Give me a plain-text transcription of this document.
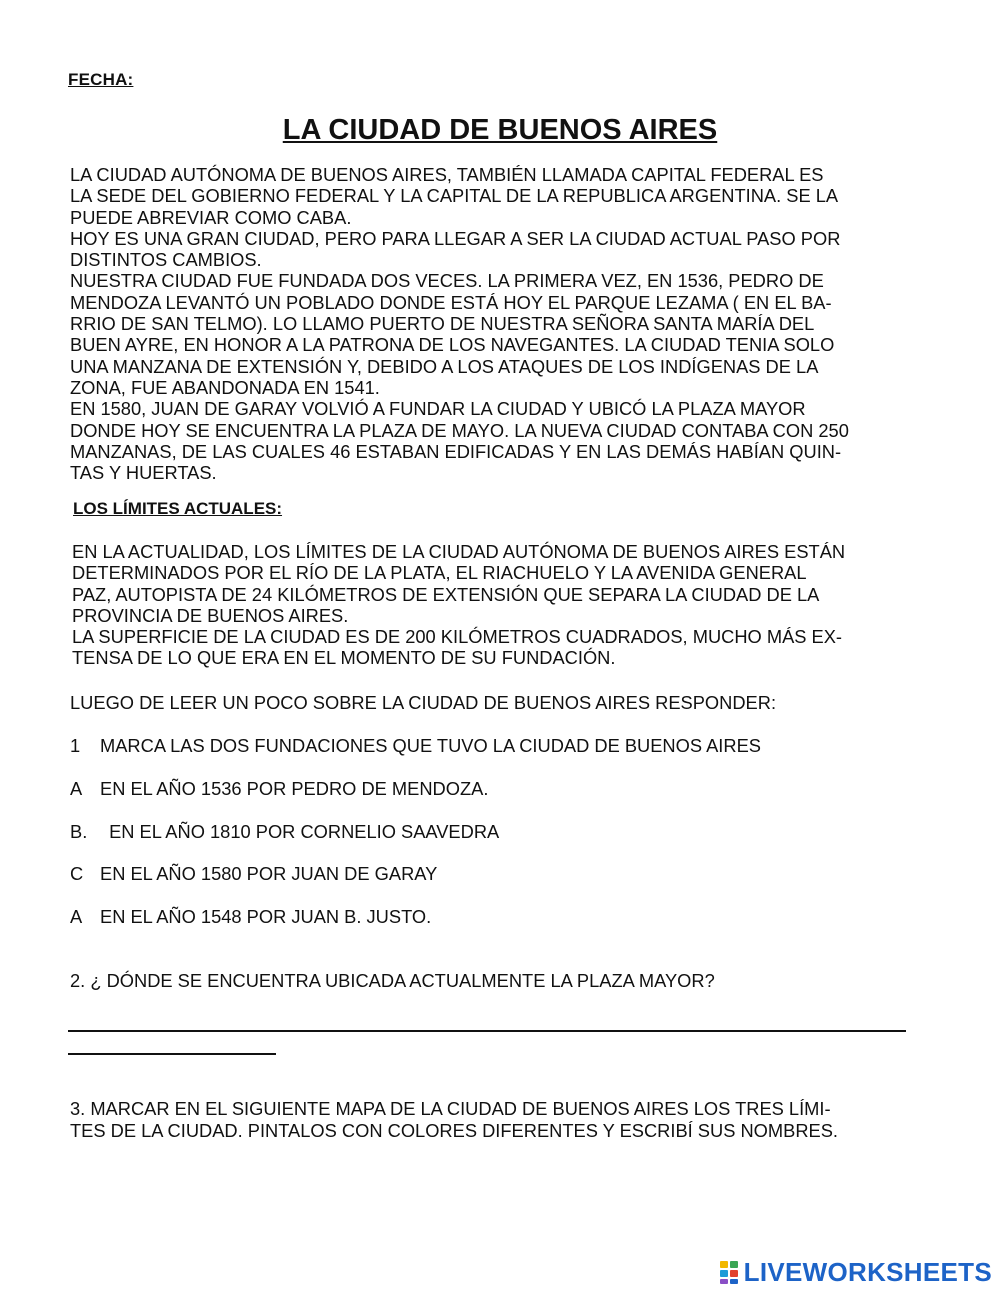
FECHA:
LA CIUDAD DE BUENOS AIRES
LA CIUDAD AUTÓNOMA DE BUENOS AIRES, TAMBIÉN LLAMADA CAPITAL FEDERAL ES
LA SEDE DEL GOBIERNO FEDERAL Y LA CAPITAL DE LA REPUBLICA ARGENTINA. SE LA
PUEDE ABREVIAR COMO CABA.
HOY ES UNA GRAN CIUDAD, PERO PARA LLEGAR A SER LA CIUDAD ACTUAL PASO POR
DISTINTOS CAMBIOS.
NUESTRA CIUDAD FUE FUNDADA DOS VECES. LA PRIMERA VEZ, EN 1536, PEDRO DE
MENDOZA LEVANTÓ UN POBLADO DONDE ESTÁ HOY EL PARQUE LEZAMA ( EN EL BA-
RRIO DE SAN TELMO). LO LLAMO PUERTO DE NUESTRA SEÑORA SANTA MARÍA DEL
BUEN AYRE, EN HONOR A LA PATRONA DE LOS NAVEGANTES. LA CIUDAD TENIA SOLO
UNA MANZANA DE EXTENSIÓN Y, DEBIDO A LOS ATAQUES DE LOS INDÍGENAS DE LA
ZONA, FUE ABANDONADA EN 1541.
EN 1580, JUAN DE GARAY VOLVIÓ A FUNDAR LA CIUDAD Y UBICÓ LA PLAZA MAYOR
DONDE HOY SE ENCUENTRA LA PLAZA DE MAYO. LA NUEVA CIUDAD CONTABA CON 250
MANZANAS, DE LAS CUALES 46 ESTABAN EDIFICADAS Y EN LAS DEMÁS HABÍAN QUIN-
TAS Y HUERTAS.
LOS LÍMITES ACTUALES:
EN LA ACTUALIDAD, LOS LÍMITES DE LA CIUDAD AUTÓNOMA DE BUENOS AIRES ESTÁN
DETERMINADOS POR EL RÍO DE LA PLATA, EL RIACHUELO Y LA AVENIDA GENERAL
PAZ, AUTOPISTA DE 24 KILÓMETROS DE EXTENSIÓN QUE SEPARA LA CIUDAD DE LA
PROVINCIA DE BUENOS AIRES.
LA SUPERFICIE DE LA CIUDAD ES DE 200 KILÓMETROS CUADRADOS, MUCHO MÁS EX-
TENSA DE LO QUE ERA EN EL MOMENTO DE SU FUNDACIÓN.
LUEGO DE LEER UN POCO SOBRE LA CIUDAD DE BUENOS AIRES RESPONDER:
1 MARCA LAS DOS FUNDACIONES QUE TUVO LA CIUDAD DE BUENOS AIRES
A EN EL AÑO 1536 POR PEDRO DE MENDOZA.
B. EN EL AÑO 1810 POR CORNELIO SAAVEDRA
C EN EL AÑO 1580 POR JUAN DE GARAY
A EN EL AÑO 1548 POR JUAN B. JUSTO.
2. ¿ DÓNDE SE ENCUENTRA UBICADA ACTUALMENTE LA PLAZA MAYOR?
3. MARCAR EN EL SIGUIENTE MAPA DE LA CIUDAD DE BUENOS AIRES LOS TRES LÍMI-
TES DE LA CIUDAD. PINTALOS CON COLORES DIFERENTES Y ESCRIBÍ SUS NOMBRES.
LIVEWORKSHEETS
